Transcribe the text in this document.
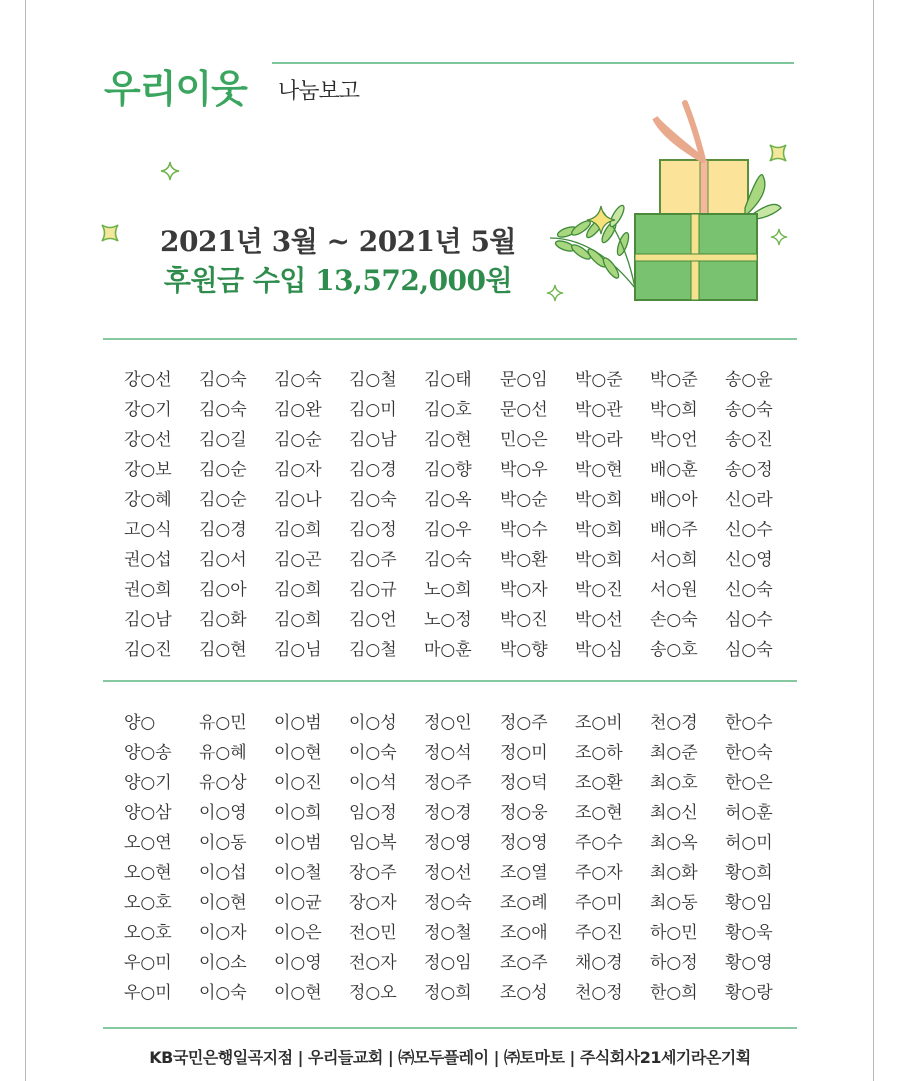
우리이웃 나눔보고
2021년 3월 ~ 2021년 5월
후원금 수입 13,572,000원
강○선 김○숙 김○숙 김○철 김○태 문○임 박○준 박○준 송○윤
강○기 김○숙 김○완 김○미 김○호 문○선 박○관 박○희 송○숙
강○선 김○길 김○순 김○남 김○현 민○은 박○라 박○언 송○진
강○보 김○순 김○자 김○경 김○향 박○우 박○현 배○훈 송○정
강○혜 김○순 김○나 김○숙 김○옥 박○순 박○희 배○아 신○라
고○식 김○경 김○희 김○정 김○우 박○수 박○희 배○주 신○수
권○섭 김○서 김○곤 김○주 김○숙 박○환 박○희 서○희 신○영
권○희 김○아 김○희 김○규 노○희 박○자 박○진 서○원 신○숙
김○남 김○화 김○희 김○언 노○정 박○진 박○선 손○숙 심○수
김○진 김○현 김○님 김○철 마○훈 박○향 박○심 송○호 심○숙
양○	유○민 이○범 이○성 정○인 정○주 조○비 천○경 한○수
양○송 유○혜 이○현 이○숙 정○석 정○미 조○하 최○준 한○숙
양○기 유○상 이○진 이○석 정○주 정○덕 조○환 최○호 한○은
양○삼 이○영 이○희 임○정 정○경 정○웅 조○현 최○신 허○훈
오○연 이○동 이○범 임○복 정○영 정○영 주○수 최○옥 허○미
오○현 이○섭 이○철 장○주 정○선 조○열 주○자 최○화 황○희
오○호 이○현 이○균 장○자 정○숙 조○례 주○미 최○동 황○임
오○호 이○자 이○은 전○민 정○철 조○애 주○진 하○민 황○욱
우○미 이○소 이○영 전○자 정○임 조○주 채○경 하○정 황○영
우○미 이○숙 이○현 정○오 정○희 조○성 천○정 한○희 황○랑
KB국민은행일곡지점 | 우리들교회 | ㈜모두플레이 | ㈜토마토 | 주식회사21세기라온기획
